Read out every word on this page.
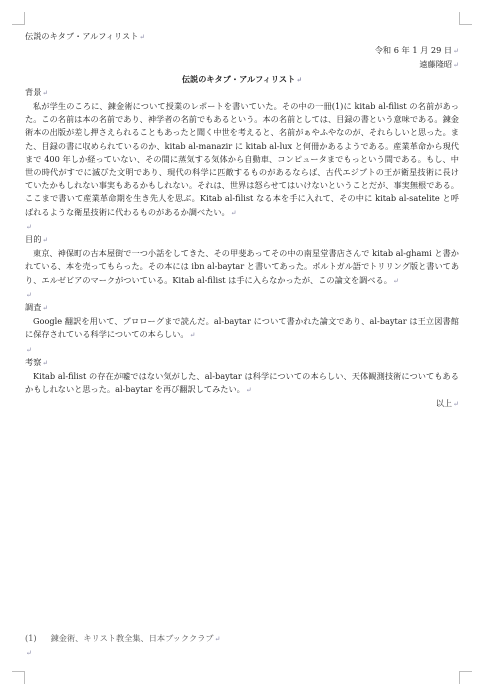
伝説のキタブ・アルフィリスト↵

令和 6 年 1 月 29 日↵

遠藤隆昭↵

伝説のキタブ・アルフィリスト↵

背景↵

私が学生のころに、錬金術について授業のレポートを書いていた。その中の一冊(1)に kitab al-filist の名前があった。この名前は本の名前であり、神学者の名前でもあるという。本の名前としては、目録の書という意味である。錬金術本の出版が差し押さえられることもあったと聞く中世を考えると、名前がぁやふやなのが、それらしいと思った。また、目録の書に収められているのか、kitab al-manazir に kitab al-lux と何冊かあるようである。産業革命から現代まで 400 年しか経っていない、その間に蒸気する気体から自動車、コンピュータまでもっという間である。もし、中世の時代がすでに滅びた文明であり、現代の科学に匹敵するものがあるならば、古代エジプトの王が衛星技術に長けていたかもしれない事実もあるかもしれない。それは、世界は怒らせてはいけないということだが、事実無根である。ここまで書いて産業革命期を生き先人を思ぶ。Kitab al-filist なる本を手に入れて、その中に kitab al-satelite と呼ばれるような衛星技術に代わるものがあるか調べたい。↵

↵

目的↵

東京、神保町の古本屋街で一つ小話をしてきた、その甲斐あってその中の南星堂書店さんで kitab al-ghami と書かれている、本を売ってもらった。その本には ibn al-baytar と書いてあった。ポルトガル語でトリリング版と書いてあり、エルゼビアのマークがついている。Kitab al-filist は手に入らなかったが、この論文を調べる。↵

↵

調査↵

Google 翻訳を用いて、プロローグまで読んだ。al-baytar について書かれた論文であり、al-baytar は王立図書館に保存されている科学についての本らしい。↵

↵

考察↵

Kitab al-filist の存在が嘘ではない気がした、al-baytar は科学についての本らしい、天体観測技術についてもあるかもしれないと思った。al-baytar を再び翻訳してみたい。↵

以上↵

(1) 錬金術、キリスト教全集、日本ブッククラブ↵
↵
